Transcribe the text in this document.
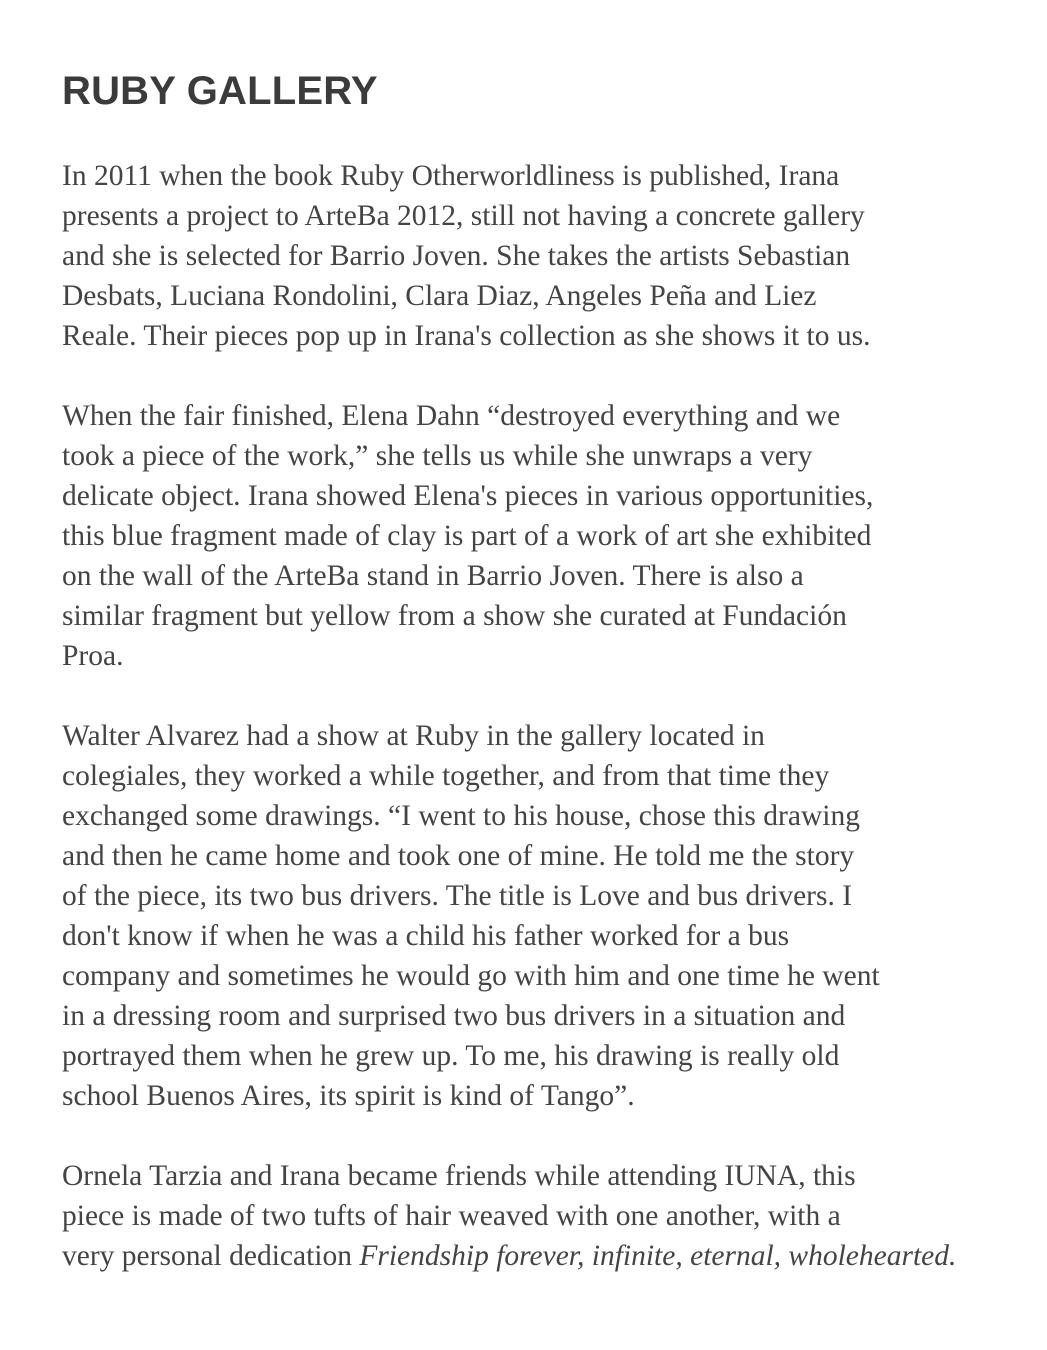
RUBY GALLERY

In 2011 when the book Ruby Otherworldliness is published, Irana
presents a project to ArteBa 2012, still not having a concrete gallery
and she is selected for Barrio Joven. She takes the artists Sebastian
Desbats, Luciana Rondolini, Clara Diaz, Angeles Peña and Liez
Reale. Their pieces pop up in Irana's collection as she shows it to us.

When the fair finished, Elena Dahn “destroyed everything and we
took a piece of the work,” she tells us while she unwraps a very
delicate object. Irana showed Elena's pieces in various opportunities,
this blue fragment made of clay is part of a work of art she exhibited
on the wall of the ArteBa stand in Barrio Joven. There is also a
similar fragment but yellow from a show she curated at Fundación
Proa.

Walter Alvarez had a show at Ruby in the gallery located in
colegiales, they worked a while together, and from that time they
exchanged some drawings. “I went to his house, chose this drawing
and then he came home and took one of mine. He told me the story
of the piece, its two bus drivers. The title is Love and bus drivers. I
don't know if when he was a child his father worked for a bus
company and sometimes he would go with him and one time he went
in a dressing room and surprised two bus drivers in a situation and
portrayed them when he grew up. To me, his drawing is really old
school Buenos Aires, its spirit is kind of Tango”.

Ornela Tarzia and Irana became friends while attending IUNA, this
piece is made of two tufts of hair weaved with one another, with a
very personal dedication Friendship forever, infinite, eternal, wholehearted.
